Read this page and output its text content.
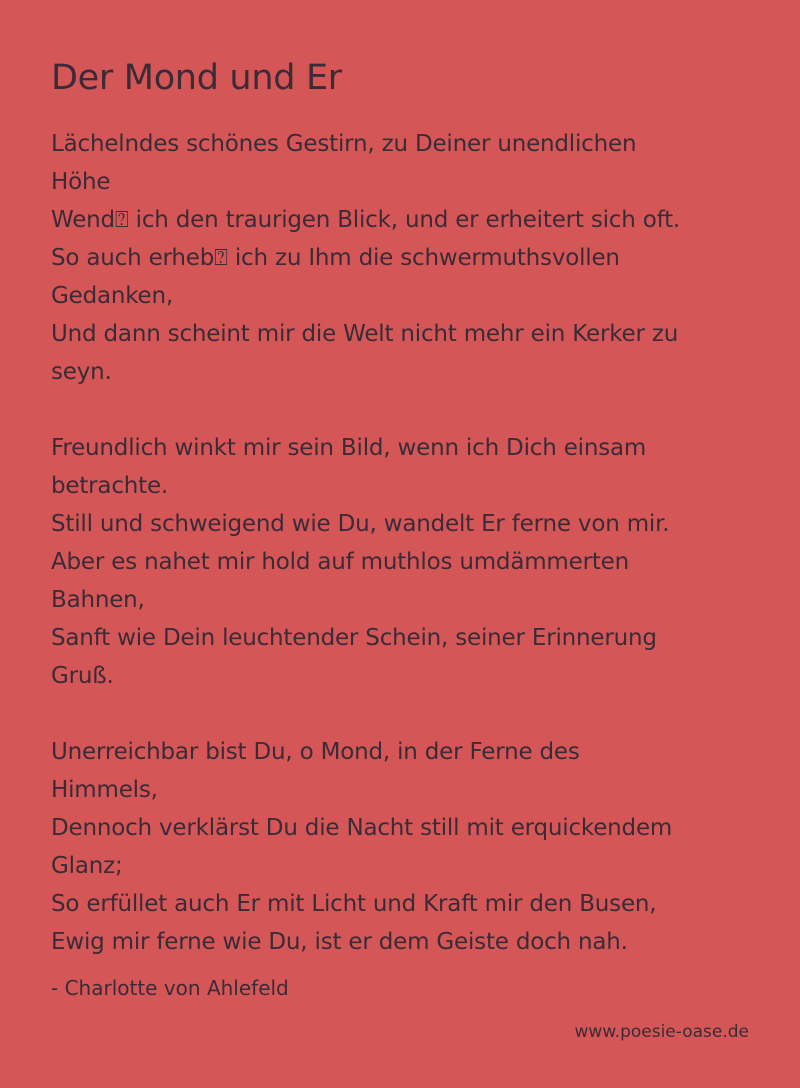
Der Mond und Er
Lächelndes schönes Gestirn, zu Deiner unendlichen
Höhe
Wend⍰ ich den traurigen Blick, und er erheitert sich oft.
So auch erheb⍰ ich zu Ihm die schwermuthsvollen
Gedanken,
Und dann scheint mir die Welt nicht mehr ein Kerker zu
seyn.
Freundlich winkt mir sein Bild, wenn ich Dich einsam
betrachte.
Still und schweigend wie Du, wandelt Er ferne von mir.
Aber es nahet mir hold auf muthlos umdämmerten
Bahnen,
Sanft wie Dein leuchtender Schein, seiner Erinnerung
Gruß.
Unerreichbar bist Du, o Mond, in der Ferne des
Himmels,
Dennoch verklärst Du die Nacht still mit erquickendem
Glanz;
So erfüllet auch Er mit Licht und Kraft mir den Busen,
Ewig mir ferne wie Du, ist er dem Geiste doch nah.
- Charlotte von Ahlefeld
www.poesie-oase.de
